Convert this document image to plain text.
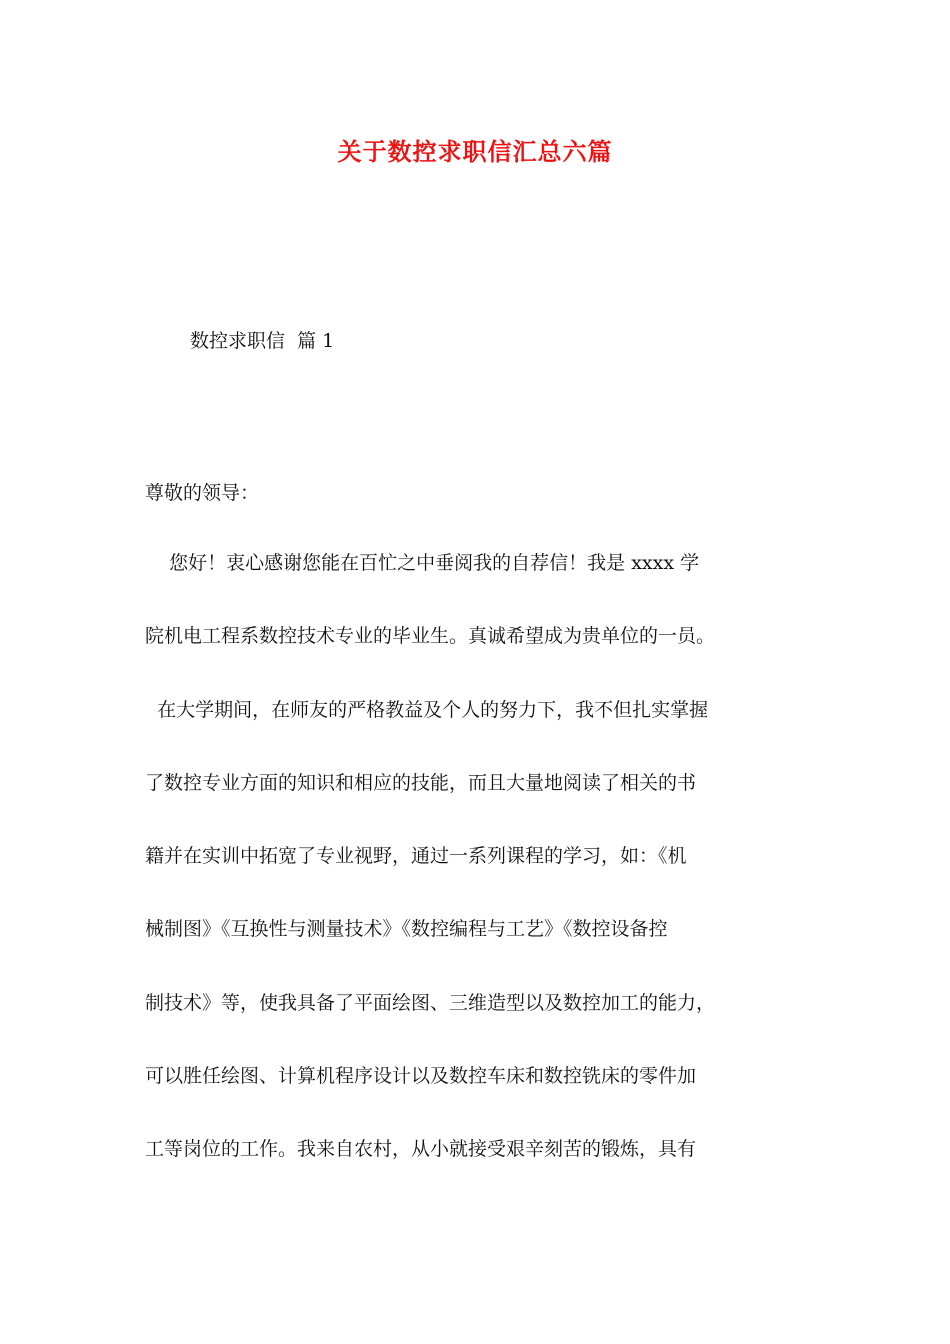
关于数控求职信汇总六篇
数控求职信  篇 1
尊敬的领导：
您好！衷心感谢您能在百忙之中垂阅我的自荐信！我是 xxxx 学
院机电工程系数控技术专业的毕业生。真诚希望成为贵单位的一员。
在大学期间，在师友的严格教益及个人的努力下，我不但扎实掌握
了数控专业方面的知识和相应的技能，而且大量地阅读了相关的书
籍并在实训中拓宽了专业视野，通过一系列课程的学习，如：《机
械制图》《互换性与测量技术》《数控编程与工艺》《数控设备控
制技术》等，使我具备了平面绘图、三维造型以及数控加工的能力，
可以胜任绘图、计算机程序设计以及数控车床和数控铣床的零件加
工等岗位的工作。我来自农村，从小就接受艰辛刻苦的锻炼，具有
